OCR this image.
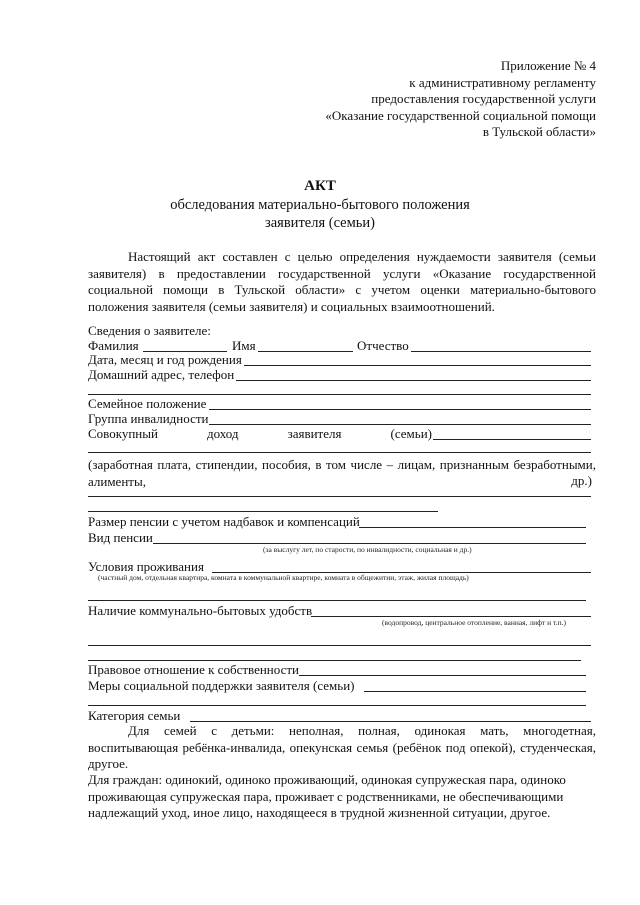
Приложение № 4
к административному регламенту
предоставления государственной услуги
«Оказание государственной социальной помощи
в Тульской области»
АКТ
обследования материально-бытового положения
заявителя (семьи)
Настоящий акт составлен с целью определения нуждаемости заявителя (семьи заявителя) в предоставлении государственной услуги «Оказание государственной социальной помощи в Тульской области» с учетом оценки материально-бытового положения заявителя (семьи заявителя) и социальных взаимоотношений.
Сведения о заявителе:
Фамилия	Имя	Отчество
Дата, месяц и год рождения
Домашний адрес, телефон
Семейное положение
Группа инвалидности
Совокупный	доход	заявителя	(семьи)
(заработная плата, стипендии, пособия, в том числе – лицам, признанным безработными, алименты,	др.)
Размер пенсии с учетом надбавок и компенсаций
Вид пенсии
(за выслугу лет, по старости, по инвалидности, социальная и др.)
Условия проживания
(частный дом, отдельная квартира, комната в коммунальной квартире, комната в общежитии, этаж, жилая площадь)
Наличие коммунально-бытовых удобств
(водопровод, центральное отопление, ванная, лифт и т.п.)
Правовое отношение к собственности
Меры социальной поддержки заявителя (семьи)
Категория семьи
Для семей с детьми: неполная, полная, одинокая мать, многодетная, воспитывающая ребёнка-инвалида, опекунская семья (ребёнок под опекой), студенческая, другое.
Для граждан: одинокий, одиноко проживающий, одинокая супружеская пара, одиноко проживающая супружеская пара, проживает с родственниками, не обеспечивающими надлежащий уход, иное лицо, находящееся в трудной жизненной ситуации, другое.
